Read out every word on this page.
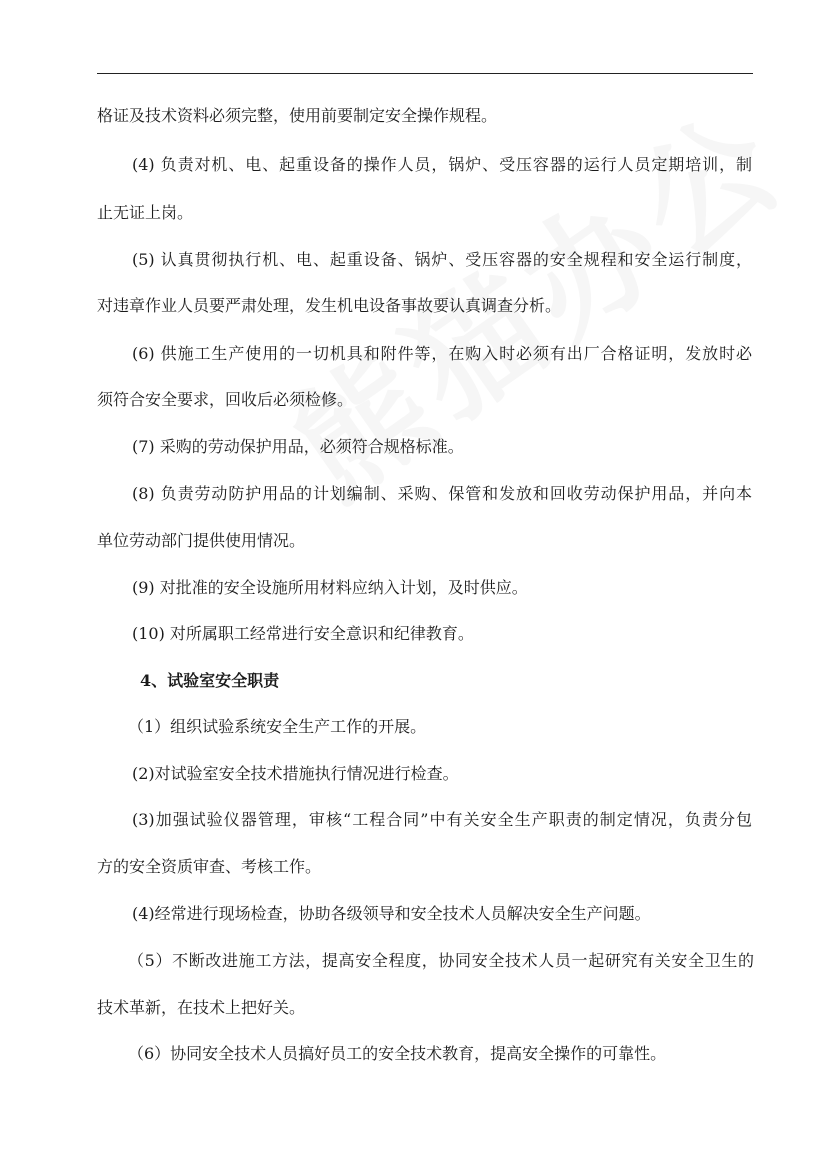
格证及技术资料必须完整，使用前要制定安全操作规程。
(4) 负责对机、电、起重设备的操作人员，锅炉、受压容器的运行人员定期培训，制
止无证上岗。
(5) 认真贯彻执行机、电、起重设备、锅炉、受压容器的安全规程和安全运行制度，
对违章作业人员要严肃处理，发生机电设备事故要认真调查分析。
(6) 供施工生产使用的一切机具和附件等，在购入时必须有出厂合格证明，发放时必
须符合安全要求，回收后必须检修。
(7) 采购的劳动保护用品，必须符合规格标准。
(8) 负责劳动防护用品的计划编制、采购、保管和发放和回收劳动保护用品，并向本
单位劳动部门提供使用情况。
(9) 对批准的安全设施所用材料应纳入计划，及时供应。
(10) 对所属职工经常进行安全意识和纪律教育。
4、试验室安全职责
（1）组织试验系统安全生产工作的开展。
(2)对试验室安全技术措施执行情况进行检查。
(3)加强试验仪器管理，审核“工程合同”中有关安全生产职责的制定情况，负责分包
方的安全资质审查、考核工作。
(4)经常进行现场检查，协助各级领导和安全技术人员解决安全生产问题。
（5）不断改进施工方法，提高安全程度，协同安全技术人员一起研究有关安全卫生的
技术革新，在技术上把好关。
（6）协同安全技术人员搞好员工的安全技术教育，提高安全操作的可靠性。
